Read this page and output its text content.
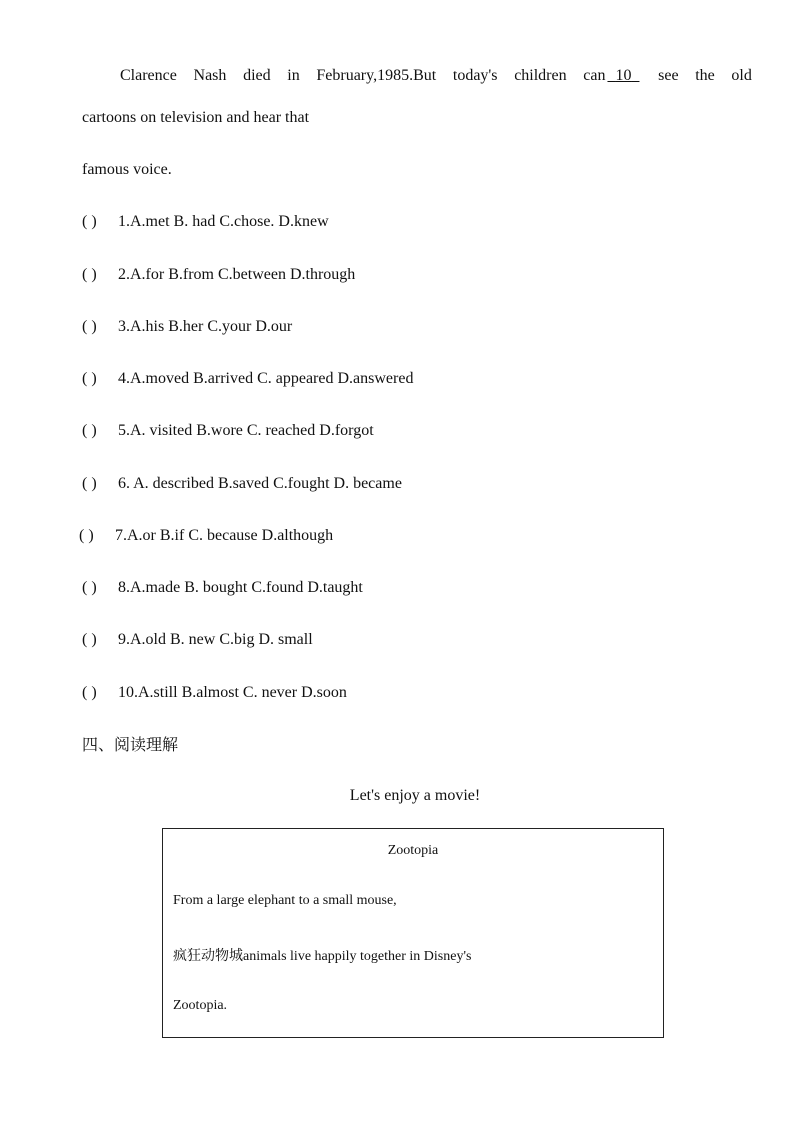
Clarence Nash died in February,1985.But today's children can 10	see the old
cartoons on television and hear that
famous voice.
( ) 1.A.met B. had C.chose. D.knew
( ) 2.A.for B.from C.between D.through
( ) 3.A.his B.her C.your D.our
( ) 4.A.moved B.arrived C. appeared D.answered
( ) 5.A. visited B.wore C. reached D.forgot
( ) 6. A. described B.saved C.fought D. became
( ) 7.A.or B.if C. because D.although
( ) 8.A.made B. bought C.found D.taught
( ) 9.A.old B. new C.big D. small
( ) 10.A.still B.almost C. never D.soon
四、阅读理解
Let's enjoy a movie!
Zootopia
From a large elephant to a small mouse,
疯狂动物城animals live happily together in Disney's
Zootopia.
